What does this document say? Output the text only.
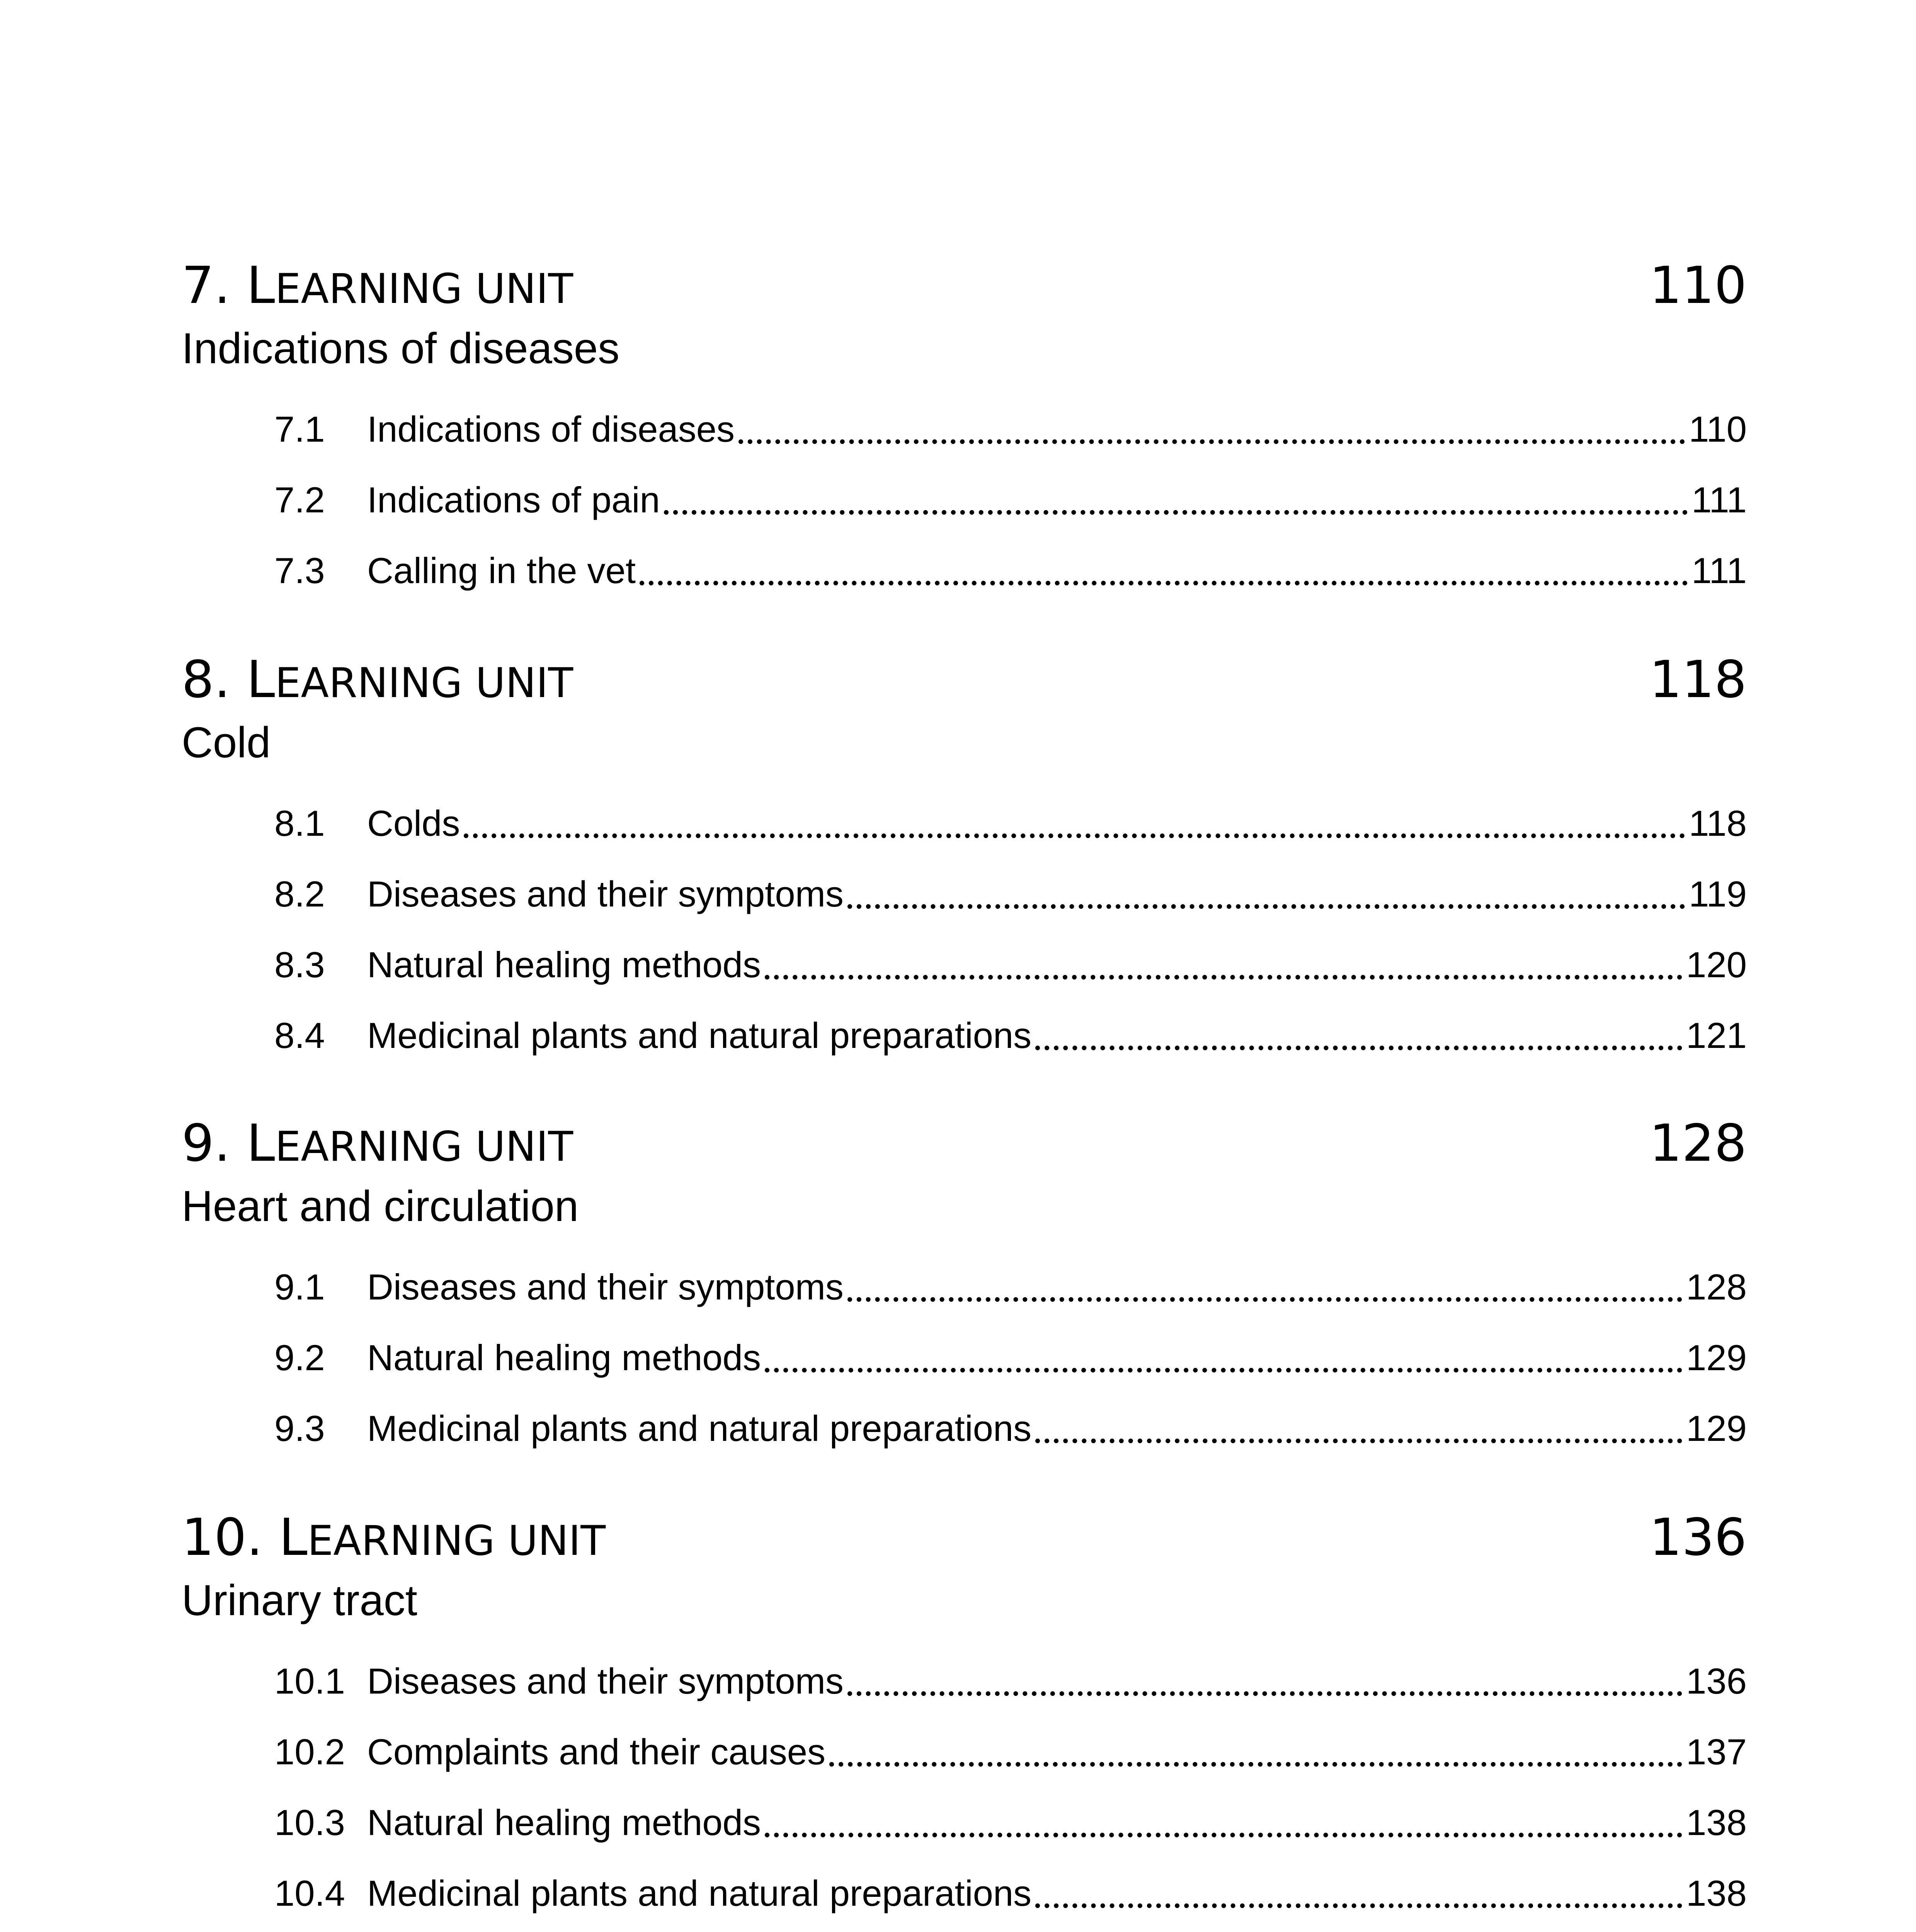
7. LEARNING UNIT	110
Indications of diseases
7.1	Indications of diseases	110
7.2	Indications of pain	111
7.3	Calling in the vet	111
8. LEARNING UNIT	118
Cold
8.1	Colds	118
8.2	Diseases and their symptoms	119
8.3	Natural healing methods	120
8.4	Medicinal plants and natural preparations	121
9. LEARNING UNIT	128
Heart and circulation
9.1	Diseases and their symptoms	128
9.2	Natural healing methods	129
9.3	Medicinal plants and natural preparations	129
10. LEARNING UNIT	136
Urinary tract
10.1 Diseases and their symptoms	136
10.2 Complaints and their causes	137
10.3 Natural healing methods	138
10.4 Medicinal plants and natural preparations	138
